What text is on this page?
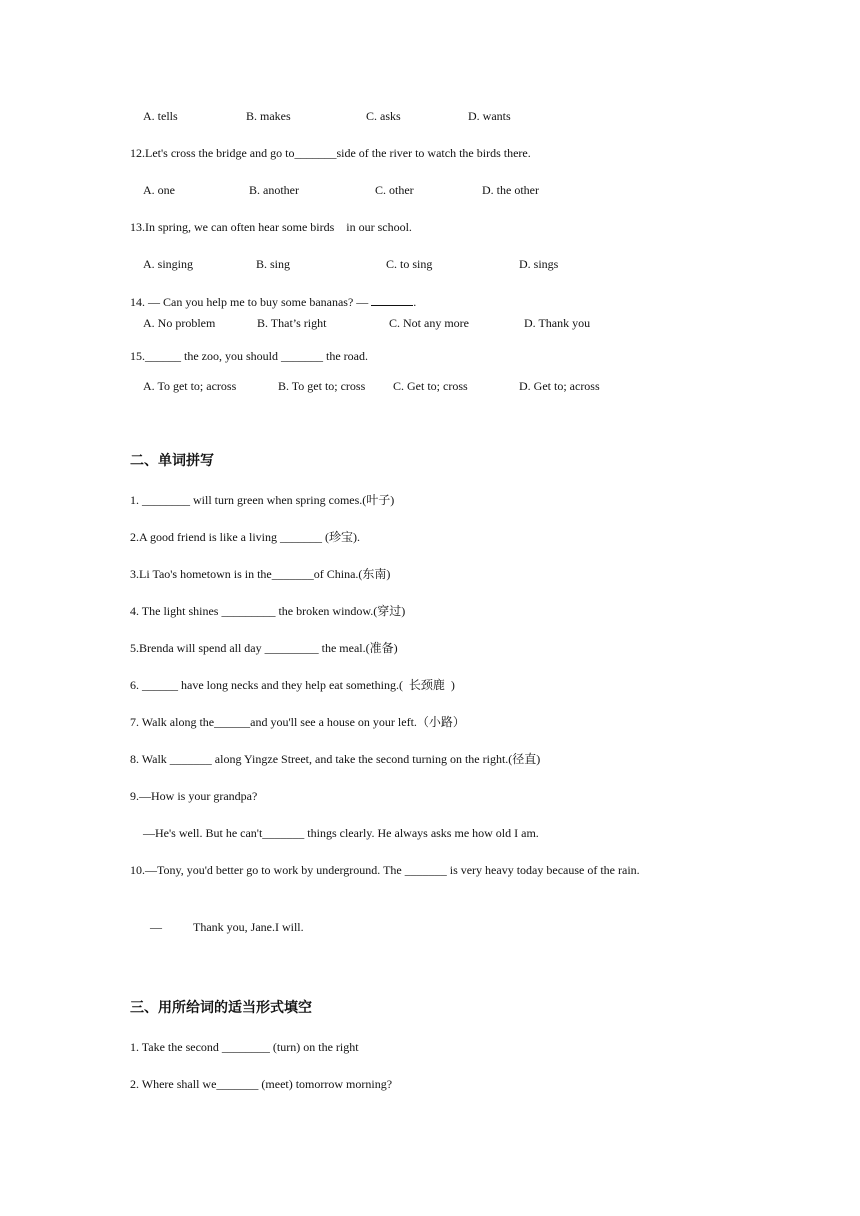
A. tells	B. makes	C. asks	D. wants
12.Let's cross the bridge and go to_______side of the river to watch the birds there.
A. one	B. another	C. other	D. the other
13.In spring, we can often hear some birds    in our school.
A. singing	B. sing	C. to sing	D. sings
14. — Can you help me to buy some bananas? —	.
A. No problem	B. That’s right	C. Not any more	D. Thank you
15.______ the zoo, you should _______ the road.
A. To get to; across	B. To get to; cross C. Get to; cross	D. Get to; across
二、单词拼写
1. ________ will turn green when spring comes.(叶子)
2.A good friend is like a living _______ (珍宝).
3.Li Tao's hometown is in the_______of China.(东南)
4. The light shines _________ the broken window.(穿过)
5.Brenda will spend all day _________ the meal.(准备)
6. ______ have long necks and they help eat something.(  长颈鹿  )
7. Walk along the______and you'll see a house on your left.（小路）
8. Walk _______ along Yingze Street, and take the second turning on the right.(径直)
9.—How is your grandpa?
—He's well. But he can't_______ things clearly. He always asks me how old I am.
10.—Tony, you'd better go to work by underground. The _______ is very heavy today because of the rain.
—	Thank you, Jane.I will.
三、用所给词的适当形式填空
1. Take the second ________ (turn) on the right
2. Where shall we_______ (meet) tomorrow morning?
